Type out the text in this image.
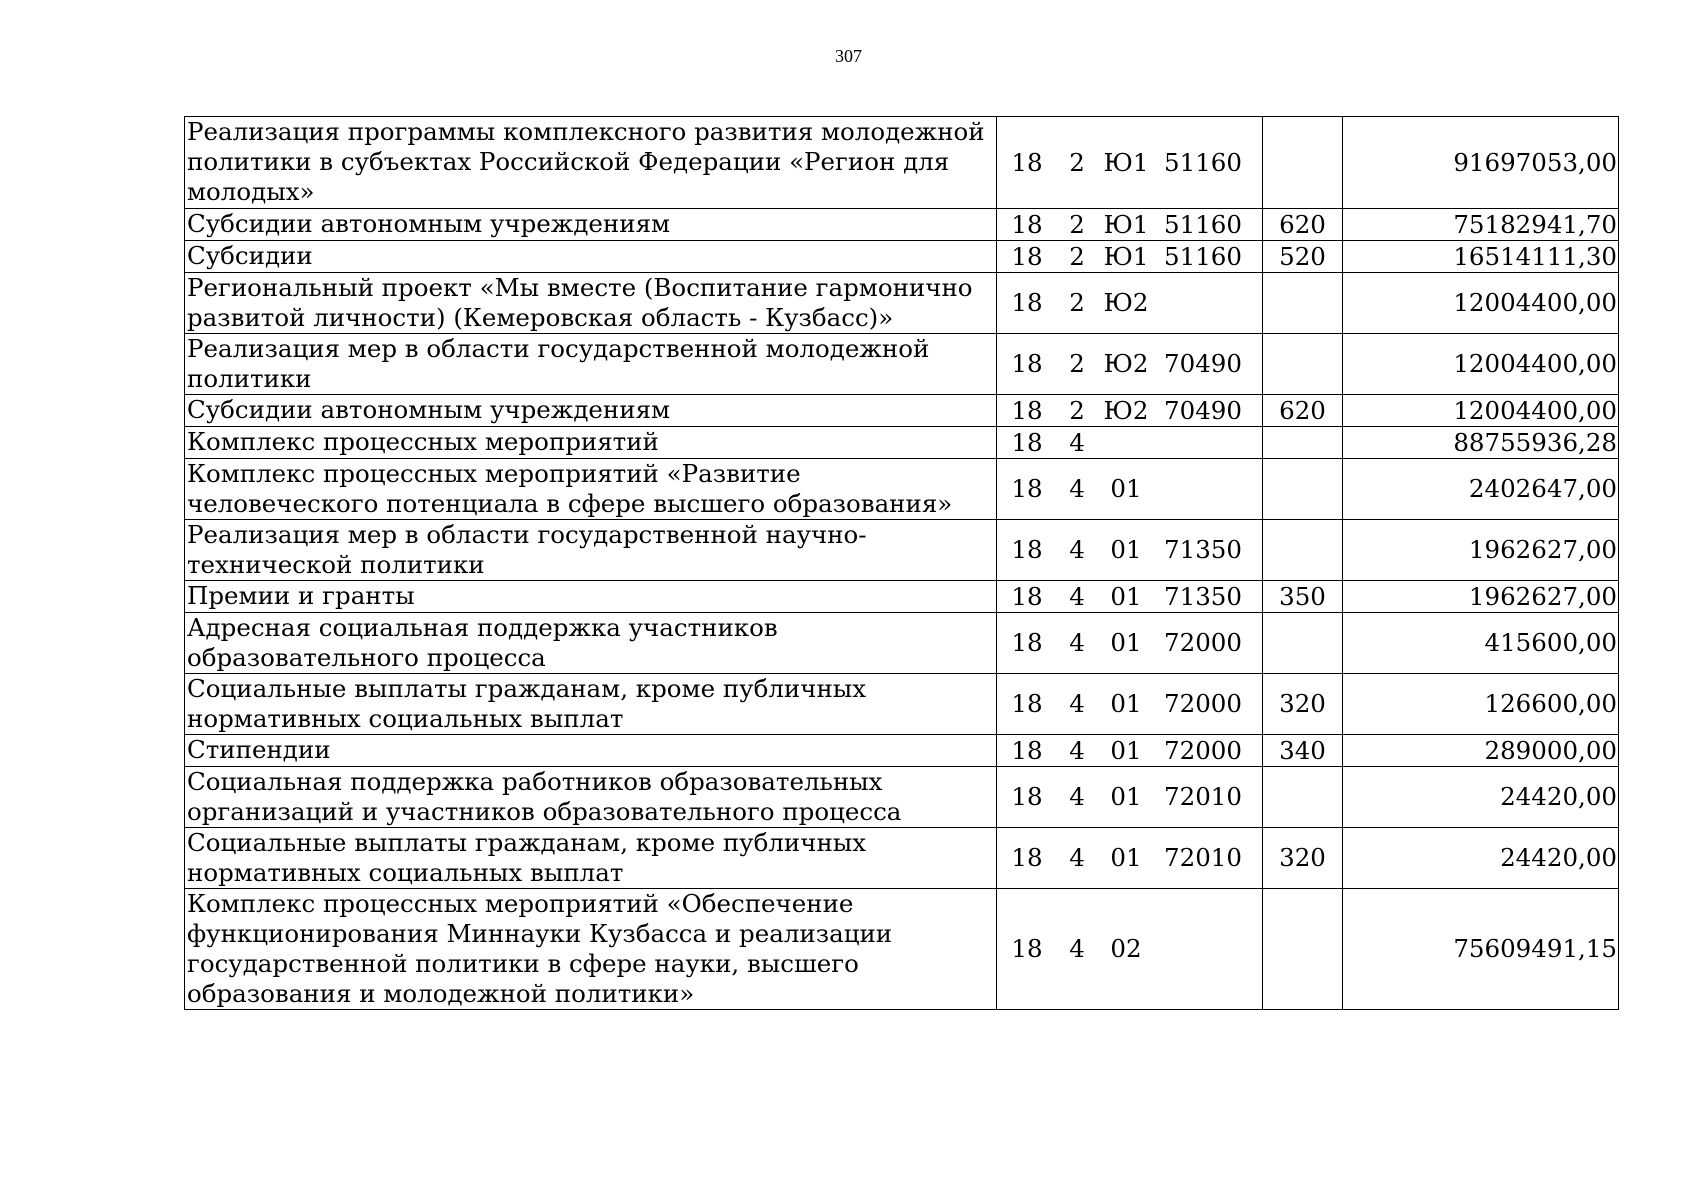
307
Реализация программы комплексного развития молодежной политики в субъектах Российской Федерации «Регион для молодых»	18 2 Ю1 51160		91697053,00
Субсидии автономным учреждениям	18 2 Ю1 51160	620	75182941,70
Субсидии	18 2 Ю1 51160	520	16514111,30
Региональный проект «Мы вместе (Воспитание гармонично развитой личности) (Кемеровская область - Кузбасс)»	18 2 Ю2		12004400,00
Реализация мер в области государственной молодежной политики	18 2 Ю2 70490		12004400,00
Субсидии автономным учреждениям	18 2 Ю2 70490	620	12004400,00
Комплекс процессных мероприятий	18 4		88755936,28
Комплекс процессных мероприятий «Развитие человеческого потенциала в сфере высшего образования»	18 4 01		2402647,00
Реализация мер в области государственной научно-технической политики	18 4 01 71350		1962627,00
Премии и гранты	18 4 01 71350	350	1962627,00
Адресная социальная поддержка участников образовательного процесса	18 4 01 72000		415600,00
Социальные выплаты гражданам, кроме публичных нормативных социальных выплат	18 4 01 72000	320	126600,00
Стипендии	18 4 01 72000	340	289000,00
Социальная поддержка работников образовательных организаций и участников образовательного процесса	18 4 01 72010		24420,00
Социальные выплаты гражданам, кроме публичных нормативных социальных выплат	18 4 01 72010	320	24420,00
Комплекс процессных мероприятий «Обеспечение функционирования Миннауки Кузбасса и реализации государственной политики в сфере науки, высшего образования и молодежной политики»	18 4 02		75609491,15
